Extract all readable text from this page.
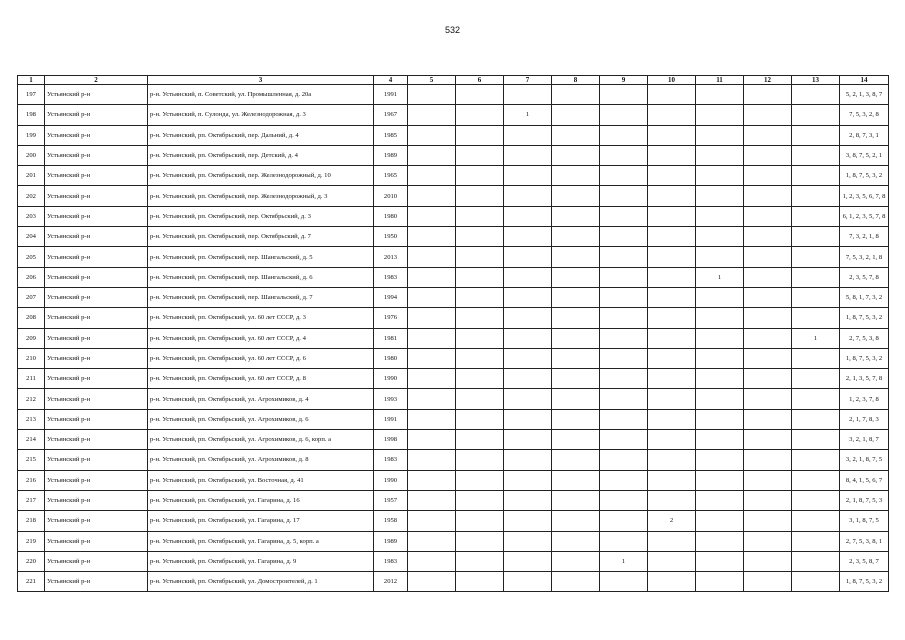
532
1	2	3	4	5	6	7	8	9	10	11	12	13	14
197	Устьянский р-н	р-н. Устьянский, п. Советский, ул. Промышленная, д. 20а	1991										5, 2, 1, 3, 8, 7
198	Устьянский р-н	р-н. Устьянский, п. Сулонда, ул. Железнодорожная, д. 3	1967			1							7, 5, 3, 2, 8
199	Устьянский р-н	р-н. Устьянский, рп. Октябрьский, пер. Дальний, д. 4	1985										2, 8, 7, 3, 1
200	Устьянский р-н	р-н. Устьянский, рп. Октябрьский, пер. Детский, д. 4	1989										3, 8, 7, 5, 2, 1
201	Устьянский р-н	р-н. Устьянский, рп. Октябрьский, пер. Железнодорожный, д. 10	1965										1, 8, 7, 5, 3, 2
202	Устьянский р-н	р-н. Устьянский, рп. Октябрьский, пер. Железнодорожный, д. 3	2010										1, 2, 3, 5, 6, 7, 8
203	Устьянский р-н	р-н. Устьянский, рп. Октябрьский, пер. Октябрьский, д. 3	1980										6, 1, 2, 3, 5, 7, 8
204	Устьянский р-н	р-н. Устьянский, рп. Октябрьский, пер. Октябрьский, д. 7	1950										7, 3, 2, 1, 8
205	Устьянский р-н	р-н. Устьянский, рп. Октябрьский, пер. Шангальский, д. 5	2013										7, 5, 3, 2, 1, 8
206	Устьянский р-н	р-н. Устьянский, рп. Октябрьский, пер. Шангальский, д. 6	1983							1			2, 3, 5, 7, 8
207	Устьянский р-н	р-н. Устьянский, рп. Октябрьский, пер. Шангальский, д. 7	1994										5, 8, 1, 7, 3, 2
208	Устьянский р-н	р-н. Устьянский, рп. Октябрьский, ул. 60 лет СССР, д. 3	1976										1, 8, 7, 5, 3, 2
209	Устьянский р-н	р-н. Устьянский, рп. Октябрьский, ул. 60 лет СССР, д. 4	1981									1	2, 7, 5, 3, 8
210	Устьянский р-н	р-н. Устьянский, рп. Октябрьский, ул. 60 лет СССР, д. 6	1980										1, 8, 7, 5, 3, 2
211	Устьянский р-н	р-н. Устьянский, рп. Октябрьский, ул. 60 лет СССР, д. 8	1990										2, 1, 3, 5, 7, 8
212	Устьянский р-н	р-н. Устьянский, рп. Октябрьский, ул. Агрохимиков, д. 4	1993										1, 2, 3, 7, 8
213	Устьянский р-н	р-н. Устьянский, рп. Октябрьский, ул. Агрохимиков, д. 6	1991										2, 1, 7, 8, 3
214	Устьянский р-н	р-н. Устьянский, рп. Октябрьский, ул. Агрохимиков, д. 6, корп. а	1998										3, 2, 1, 8, 7
215	Устьянский р-н	р-н. Устьянский, рп. Октябрьский, ул. Агрохимиков, д. 8	1983										3, 2, 1, 8, 7, 5
216	Устьянский р-н	р-н. Устьянский, рп. Октябрьский, ул. Восточная, д. 41	1990										8, 4, 1, 5, 6, 7
217	Устьянский р-н	р-н. Устьянский, рп. Октябрьский, ул. Гагарина, д. 16	1957										2, 1, 8, 7, 5, 3
218	Устьянский р-н	р-н. Устьянский, рп. Октябрьский, ул. Гагарина, д. 17	1958						2				3, 1, 8, 7, 5
219	Устьянский р-н	р-н. Устьянский, рп. Октябрьский, ул. Гагарина, д. 5, корп. а	1989										2, 7, 5, 3, 8, 1
220	Устьянский р-н	р-н. Устьянский, рп. Октябрьский, ул. Гагарина, д. 9	1983					1					2, 3, 5, 8, 7
221	Устьянский р-н	р-н. Устьянский, рп. Октябрьский, ул. Домостроителей, д. 1	2012										1, 8, 7, 5, 3, 2
